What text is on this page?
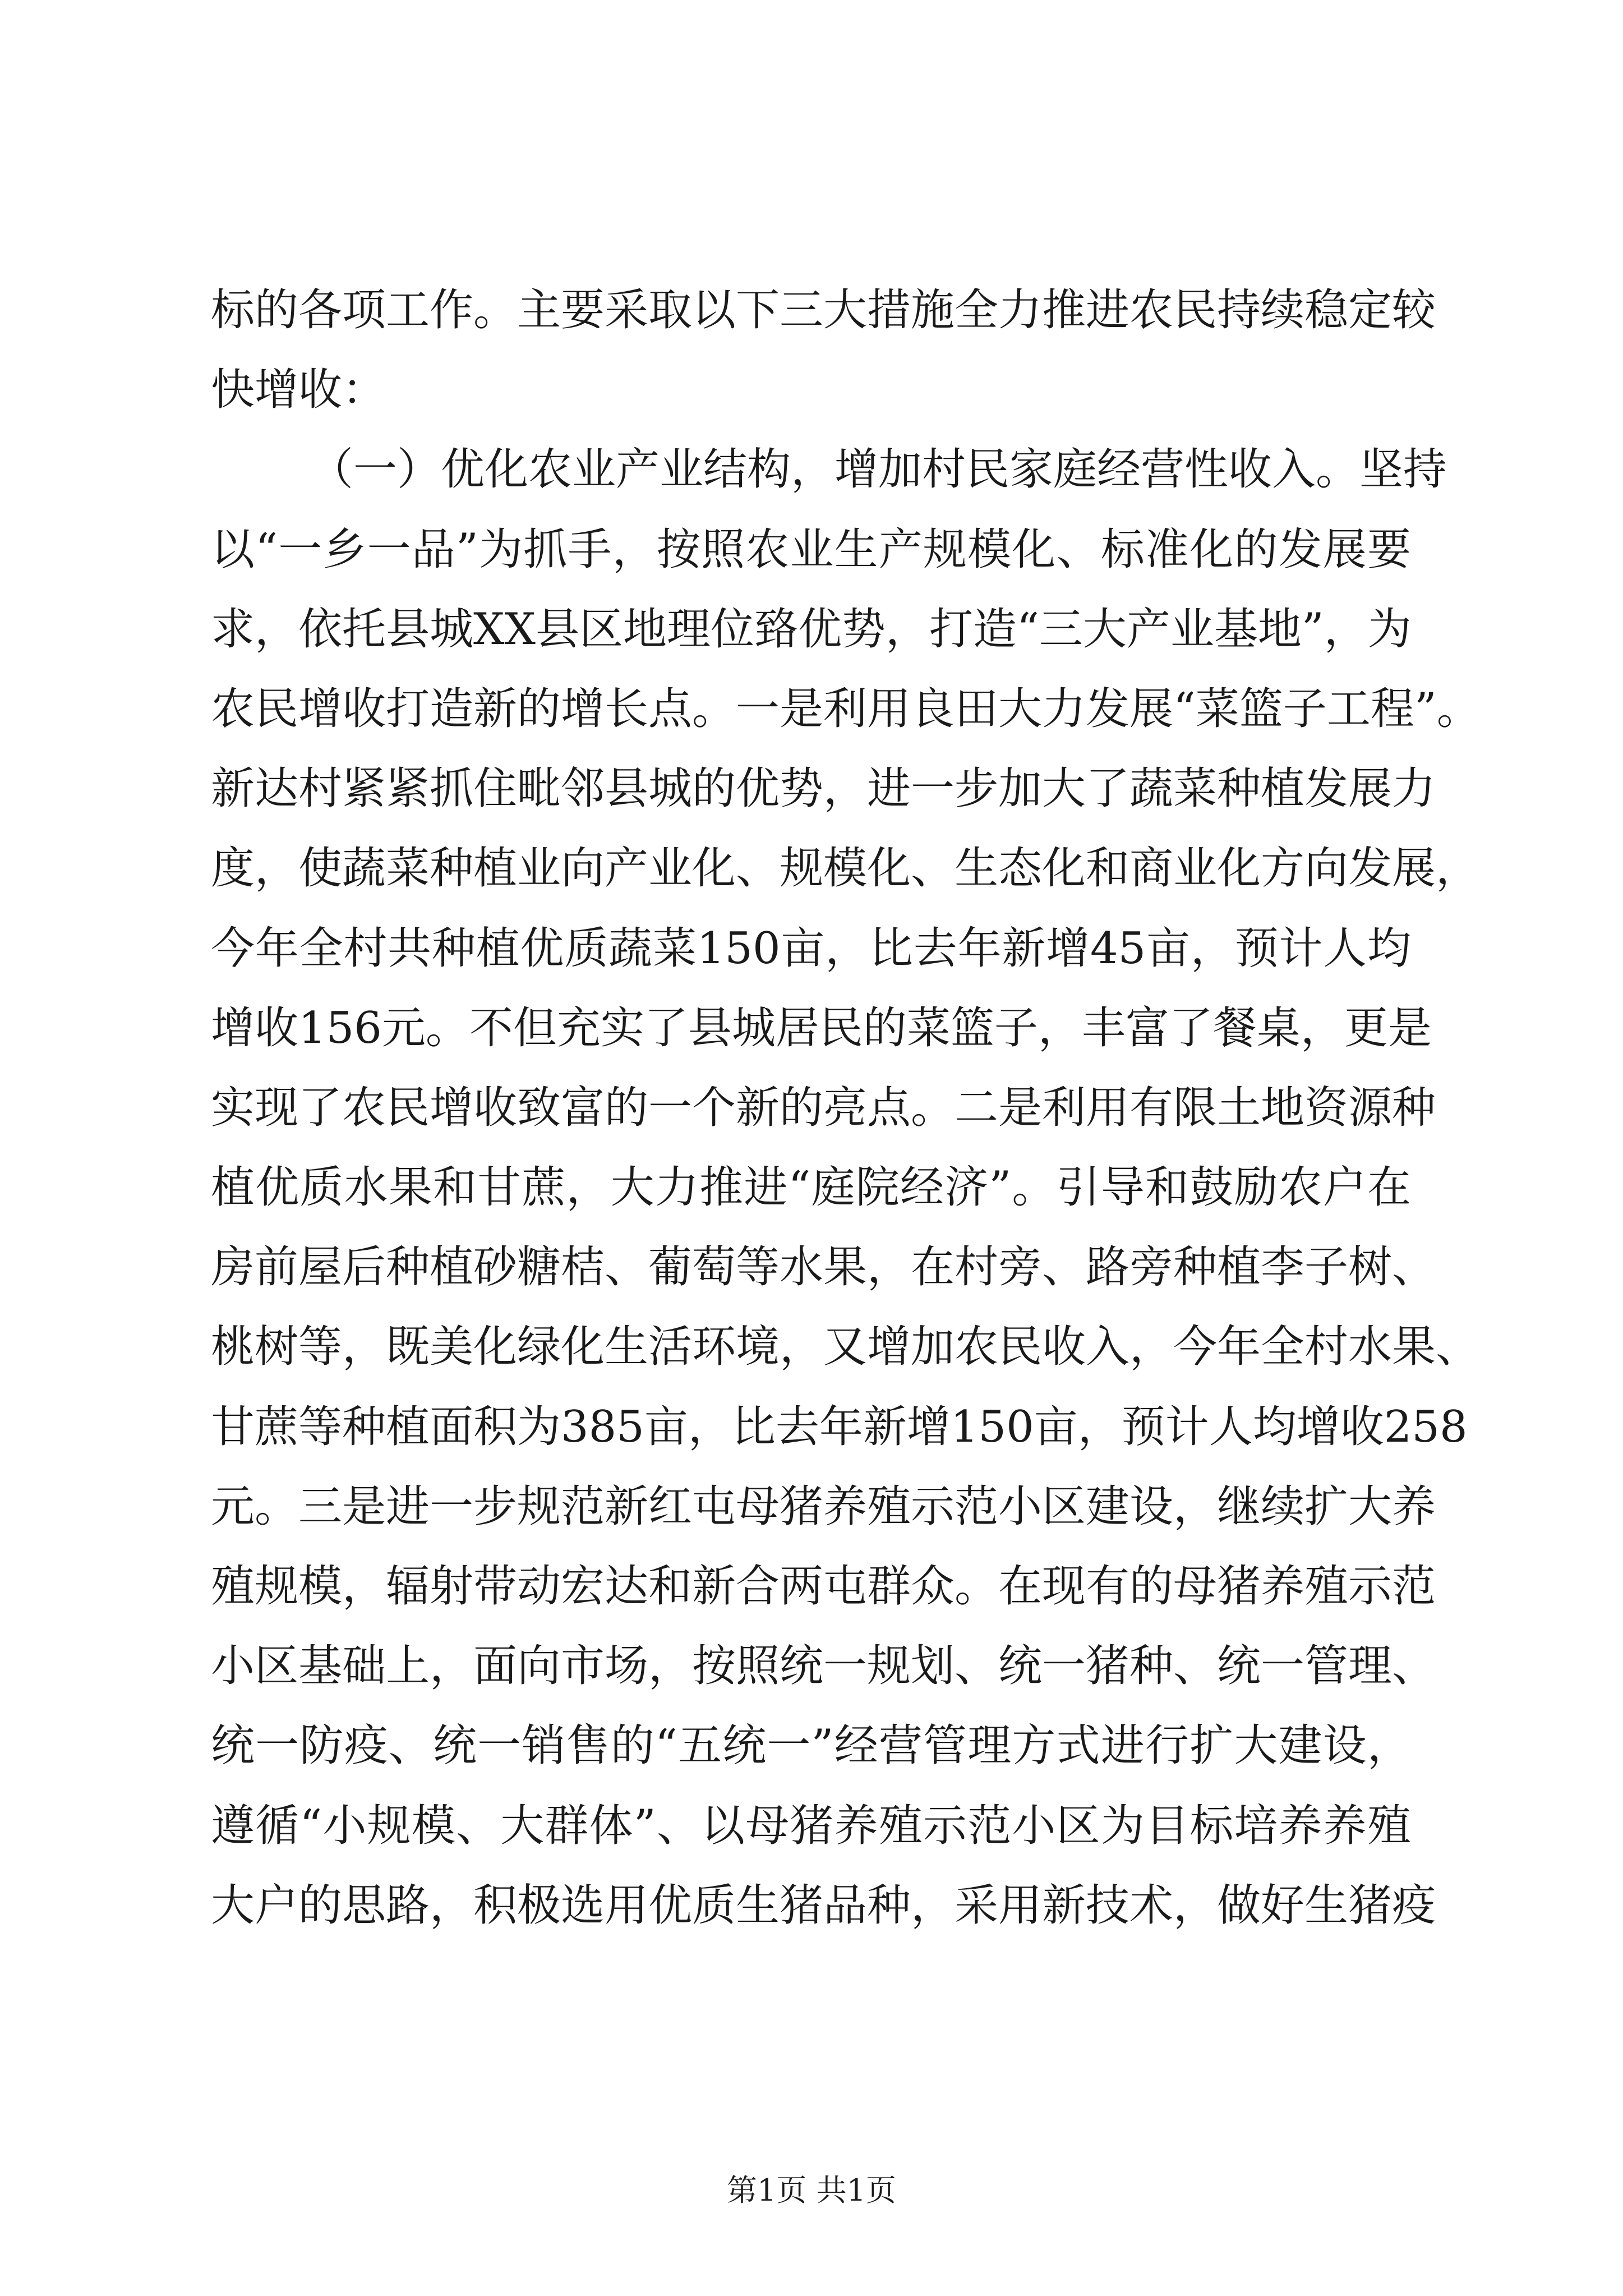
标的各项工作。主要采取以下三大措施全力推进农民持续稳定较
快增收：
（一）优化农业产业结构，增加村民家庭经营性收入。坚持
以“一乡一品”为抓手，按照农业生产规模化、标准化的发展要
求，依托县城XX县区地理位臵优势，打造“三大产业基地”，为
农民增收打造新的增长点。一是利用良田大力发展“菜篮子工程”。
新达村紧紧抓住毗邻县城的优势，进一步加大了蔬菜种植发展力
度，使蔬菜种植业向产业化、规模化、生态化和商业化方向发展，
今年全村共种植优质蔬菜150亩，比去年新增45亩，预计人均
增收156元。不但充实了县城居民的菜篮子，丰富了餐桌，更是
实现了农民增收致富的一个新的亮点。二是利用有限土地资源种
植优质水果和甘蔗，大力推进“庭院经济”。引导和鼓励农户在
房前屋后种植砂糖桔、葡萄等水果，在村旁、路旁种植李子树、
桃树等，既美化绿化生活环境，又增加农民收入，今年全村水果、
甘蔗等种植面积为385亩，比去年新增150亩，预计人均增收258
元。三是进一步规范新红屯母猪养殖示范小区建设，继续扩大养
殖规模，辐射带动宏达和新合两屯群众。在现有的母猪养殖示范
小区基础上，面向市场，按照统一规划、统一猪种、统一管理、
统一防疫、统一销售的“五统一”经营管理方式进行扩大建设，
遵循“小规模、大群体”、以母猪养殖示范小区为目标培养养殖
大户的思路，积极选用优质生猪品种，采用新技术，做好生猪疫
第1页 共1页
